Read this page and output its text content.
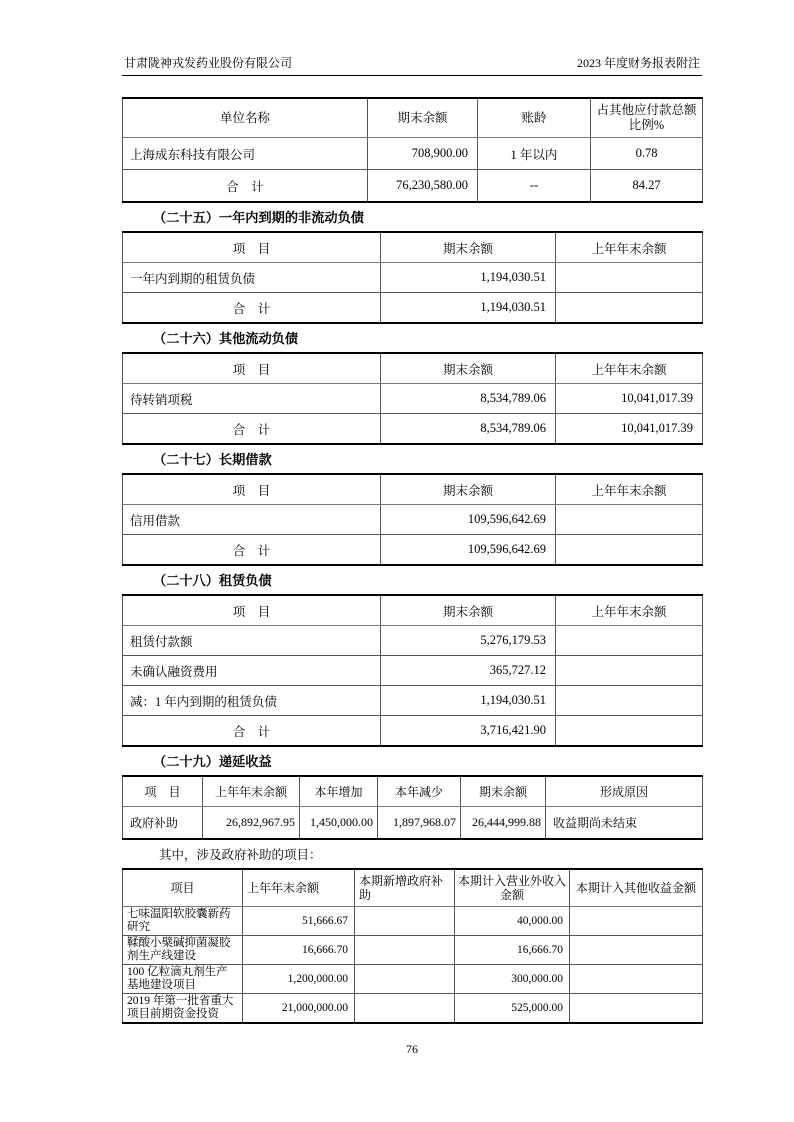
甘肃陇神戎发药业股份有限公司	2023 年度财务报表附注
单位名称	期末余额	账龄	占其他应付款总额比例%
上海成东科技有限公司	708,900.00	1 年以内	0.78
合　计	76,230,580.00	--	84.27
（二十五）一年内到期的非流动负债
项　目	期末余额	上年年末余额
一年内到期的租赁负债	1,194,030.51	
合　计	1,194,030.51	
（二十六）其他流动负债
项　目	期末余额	上年年末余额
待转销项税	8,534,789.06	10,041,017.39
合　计	8,534,789.06	10,041,017.39
（二十七）长期借款
项　目	期末余额	上年年末余额
信用借款	109,596,642.69	
合　计	109,596,642.69	
（二十八）租赁负债
项　目	期末余额	上年年末余额
租赁付款额	5,276,179.53	
未确认融资费用	365,727.12	
减：1 年内到期的租赁负债	1,194,030.51	
合　计	3,716,421.90	
（二十九）递延收益
项　目	上年年末余额	本年增加	本年减少	期末余额	形成原因
政府补助	26,892,967.95	1,450,000.00	1,897,968.07	26,444,999.88	收益期尚未结束
其中，涉及政府补助的项目：
项目	上年年末余额	本期新增政府补助	本期计入营业外收入金额	本期计入其他收益金额
七味温阳软胶囊新药研究	51,666.67		40,000.00	
鞣酸小檗碱抑菌凝胶剂生产线建设	16,666.70		16,666.70	
100 亿粒滴丸剂生产基地建设项目	1,200,000.00		300,000.00	
2019 年第一批省重大项目前期资金投资	21,000,000.00		525,000.00	
76
